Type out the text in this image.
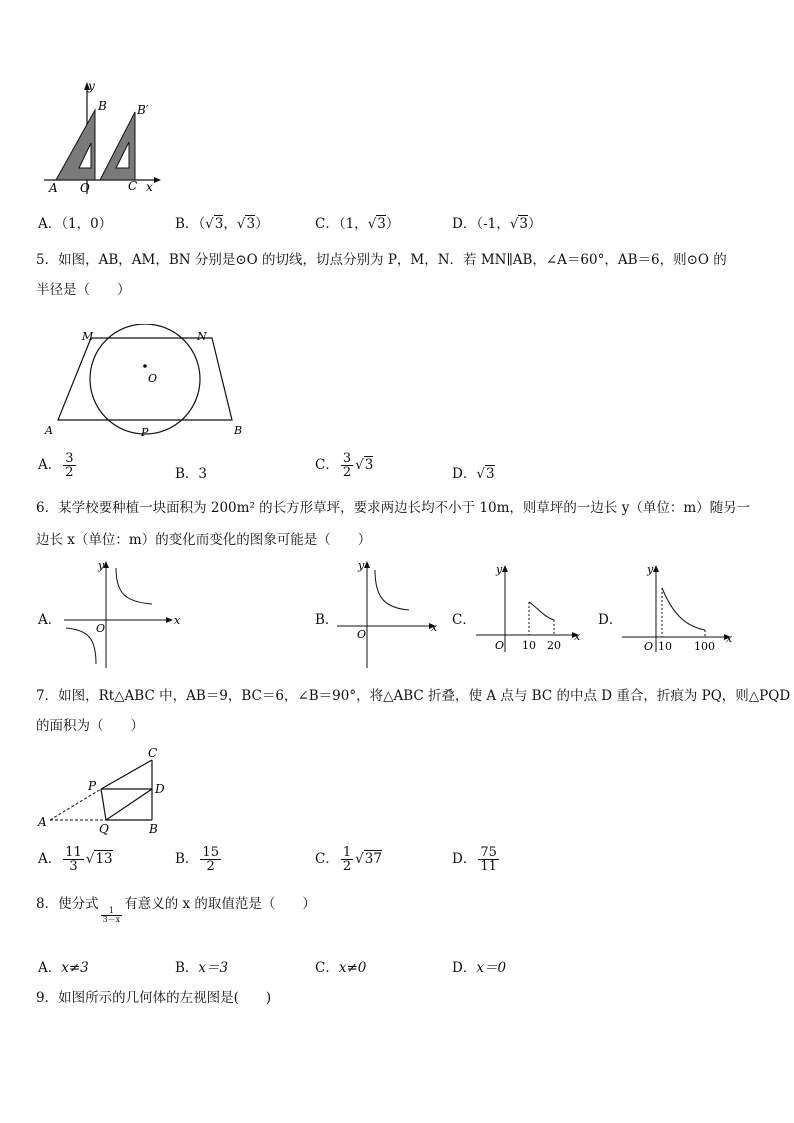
y
B	B′
A O	C x
A．（1，0）	B．（√3，√3）	C．（1，√3）	D．（-1，√3）
5．如图，AB，AM，BN 分别是⊙O 的切线，切点分别为 P，M，N．若 MN∥AB，∠A＝60°，AB＝6，则⊙O 的
半径是（　　）
M	N
O
A	P	B
A． $\frac{3}{2}$	B．3
C． $\frac{3}{2} √3$
D．√3
6．某学校要种植一块面积为 200m² 的长方形草坪，要求两边长均不小于 10m，则草坪的一边长 y（单位：m）随另一
边长 x（单位：m）的变化而变化的图象可能是（　　）
A．
y
x
O
B．
y
x
O
C．
y
x
O 10 20
D．
y
x
O 10 100
7．如图，Rt△ABC 中，AB＝9，BC＝6，∠B＝90°，将△ABC 折叠，使 A 点与 BC 的中点 D 重合，折痕为 PQ，则△PQD
的面积为（　　）
C
P	D
A	Q	B
A． $\frac{11}{3} √13$	B． $\frac{15}{2}$	C． $\frac{1}{2} √37$	D． $\frac{75}{11}$
8．使分式
$\frac{1}{3-x}$
有意义的 x 的取值范是（　　）
A．x≠3	B．x＝3	C．x≠0	D．x＝0
9．如图所示的几何体的左视图是(　　)
